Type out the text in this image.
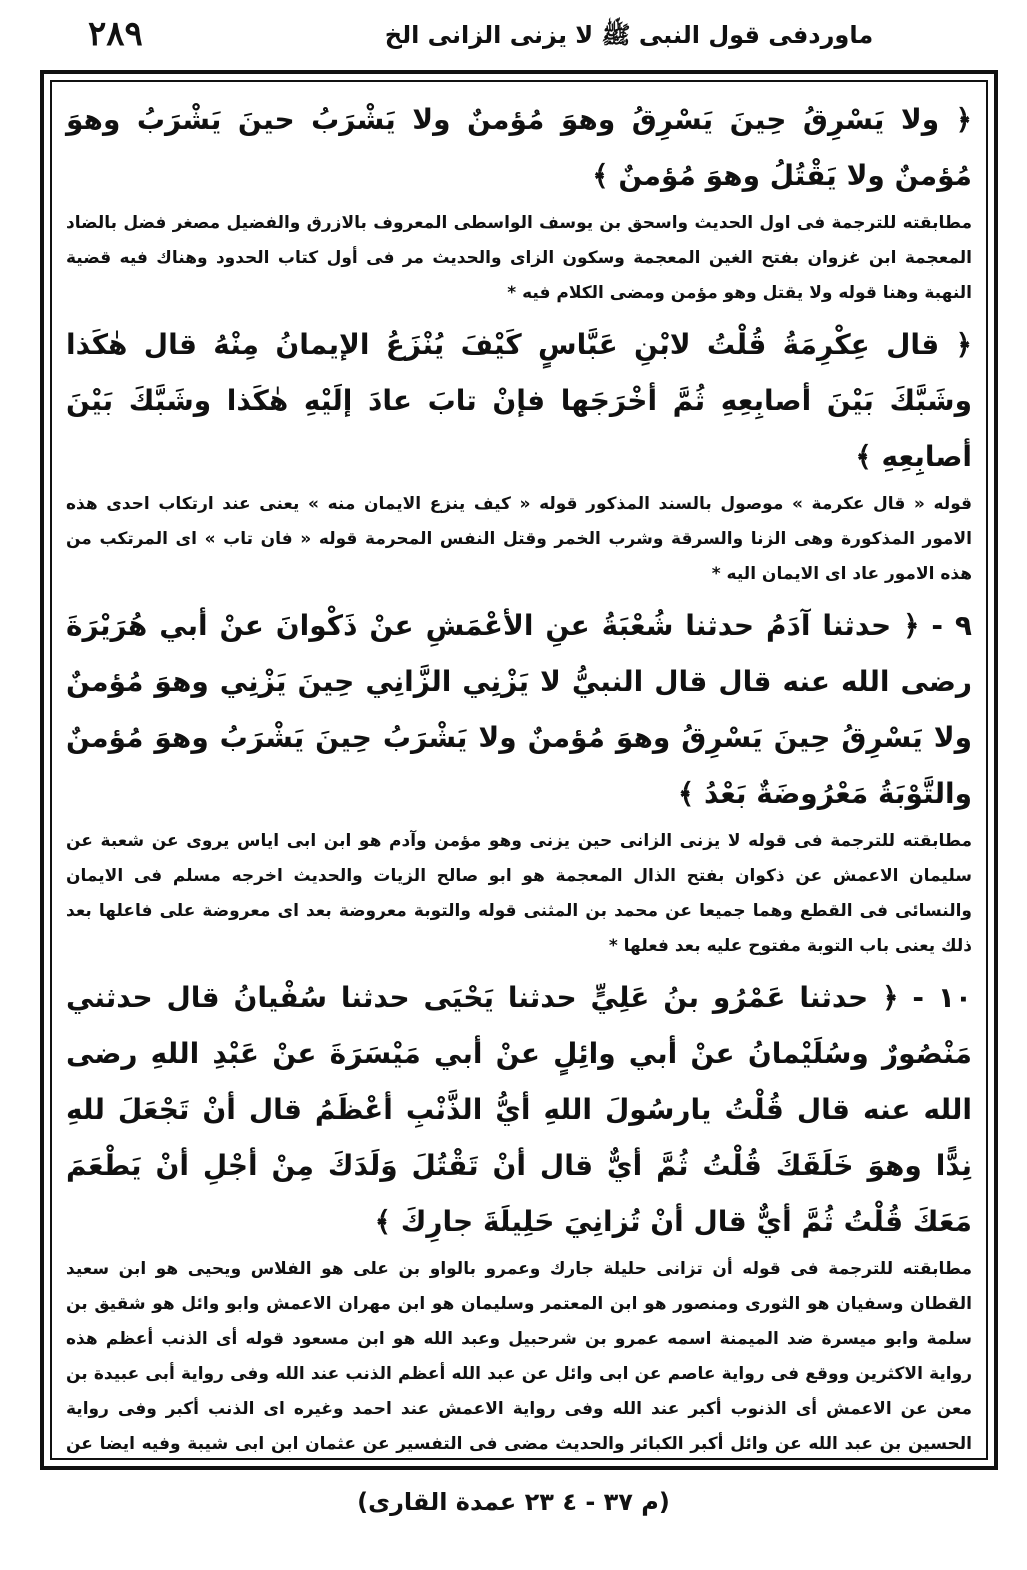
٢٨٩	ماوردفى قول النبى ﷺ لا يزنى الزانى الخ

﴿ ولا يَسْرِقُ حِينَ يَسْرِقُ وهوَ مُؤمنٌ ولا يَشْرَبُ حينَ يَشْرَبُ وهوَ مُؤمنٌ ولا يَقْتُلُ وهوَ مُؤمنٌ ﴾

مطابقته للترجمة فى اول الحديث واسحق بن يوسف الواسطى المعروف بالازرق والفضيل مصغر فضل بالضاد المعجمة ابن غزوان بفتح الغين المعجمة وسكون الزاى والحديث مر فى أول كتاب الحدود وهناك فيه قضية النهبة وهنا قوله ولا يقتل وهو مؤمن ومضى الكلام فيه *

﴿ قال عِكْرِمَةُ قُلْتُ لابْنِ عَبَّاسٍ كَيْفَ يُنْزَعُ الإيمانُ مِنْهُ قال هٰكَذا وشَبَّكَ بَيْنَ أصابِعِهِ ثُمَّ أخْرَجَها فإنْ تابَ عادَ إلَيْهِ هٰكَذا وشَبَّكَ بَيْنَ أصابِعِهِ ﴾

قوله « قال عكرمة » موصول بالسند المذكور قوله « كيف ينزع الايمان منه » يعنى عند ارتكاب احدى هذه الامور المذكورة وهى الزنا والسرقة وشرب الخمر وقتل النفس المحرمة قوله « فان تاب » اى المرتكب من هذه الامور عاد اى الايمان اليه *

٩ - ﴿ حدثنا آدَمُ حدثنا شُعْبَةُ عنِ الأعْمَشِ عنْ ذَكْوانَ عنْ أبي هُرَيْرَةَ رضى الله عنه قال قال النبيُّ لا يَزْنِي الزَّانِي حِينَ يَزْنِي وهوَ مُؤمنٌ ولا يَسْرِقُ حِينَ يَسْرِقُ وهوَ مُؤمنٌ ولا يَشْرَبُ حِينَ يَشْرَبُ وهوَ مُؤمنٌ والتَّوْبَةُ مَعْرُوضَةٌ بَعْدُ ﴾

مطابقته للترجمة فى قوله لا يزنى الزانى حين يزنى وهو مؤمن وآدم هو ابن ابى اياس يروى عن شعبة عن سليمان الاعمش عن ذكوان بفتح الذال المعجمة هو ابو صالح الزيات والحديث اخرجه مسلم فى الايمان والنسائى فى القطع وهما جميعا عن محمد بن المثنى قوله والتوبة معروضة بعد اى معروضة على فاعلها بعد ذلك يعنى باب التوبة مفتوح عليه بعد فعلها *

١٠ - ﴿ حدثنا عَمْرُو بنُ عَلِيٍّ حدثنا يَحْيَى حدثنا سُفْيانُ قال حدثني مَنْصُورٌ وسُلَيْمانُ عنْ أبي وائِلٍ عنْ أبي مَيْسَرَةَ عنْ عَبْدِ اللهِ رضى الله عنه قال قُلْتُ يارسُولَ اللهِ أيُّ الذَّنْبِ أعْظَمُ قال أنْ تَجْعَلَ للهِ نِدًّا وهوَ خَلَقَكَ قُلْتُ ثُمَّ أيٌّ قال أنْ تَقْتُلَ وَلَدَكَ مِنْ أجْلِ أنْ يَطْعَمَ مَعَكَ قُلْتُ ثُمَّ أيٌّ قال أنْ تُزانِيَ حَلِيلَةَ جارِكَ ﴾

مطابقته للترجمة فى قوله أن تزانى حليلة جارك وعمرو بالواو بن على هو الفلاس ويحيى هو ابن سعيد القطان وسفيان هو الثورى ومنصور هو ابن المعتمر وسليمان هو ابن مهران الاعمش وابو وائل هو شقيق بن سلمة وابو ميسرة ضد الميمنة اسمه عمرو بن شرحبيل وعبد الله هو ابن مسعود قوله أى الذنب أعظم هذه رواية الاكثرين ووقع فى رواية عاصم عن ابى وائل عن عبد الله أعظم الذنب عند الله وفى رواية أبى عبيدة بن معن عن الاعمش أى الذنوب أكبر عند الله وفى رواية الاعمش عند احمد وغيره اى الذنب أكبر وفى رواية الحسين بن عبد الله عن وائل أكبر الكبائر والحديث مضى فى التفسير عن عثمان ابن ابى شيبة وفيه ايضا عن

(م ٣٧ - ٤ ٢٣ عمدة القارى)
